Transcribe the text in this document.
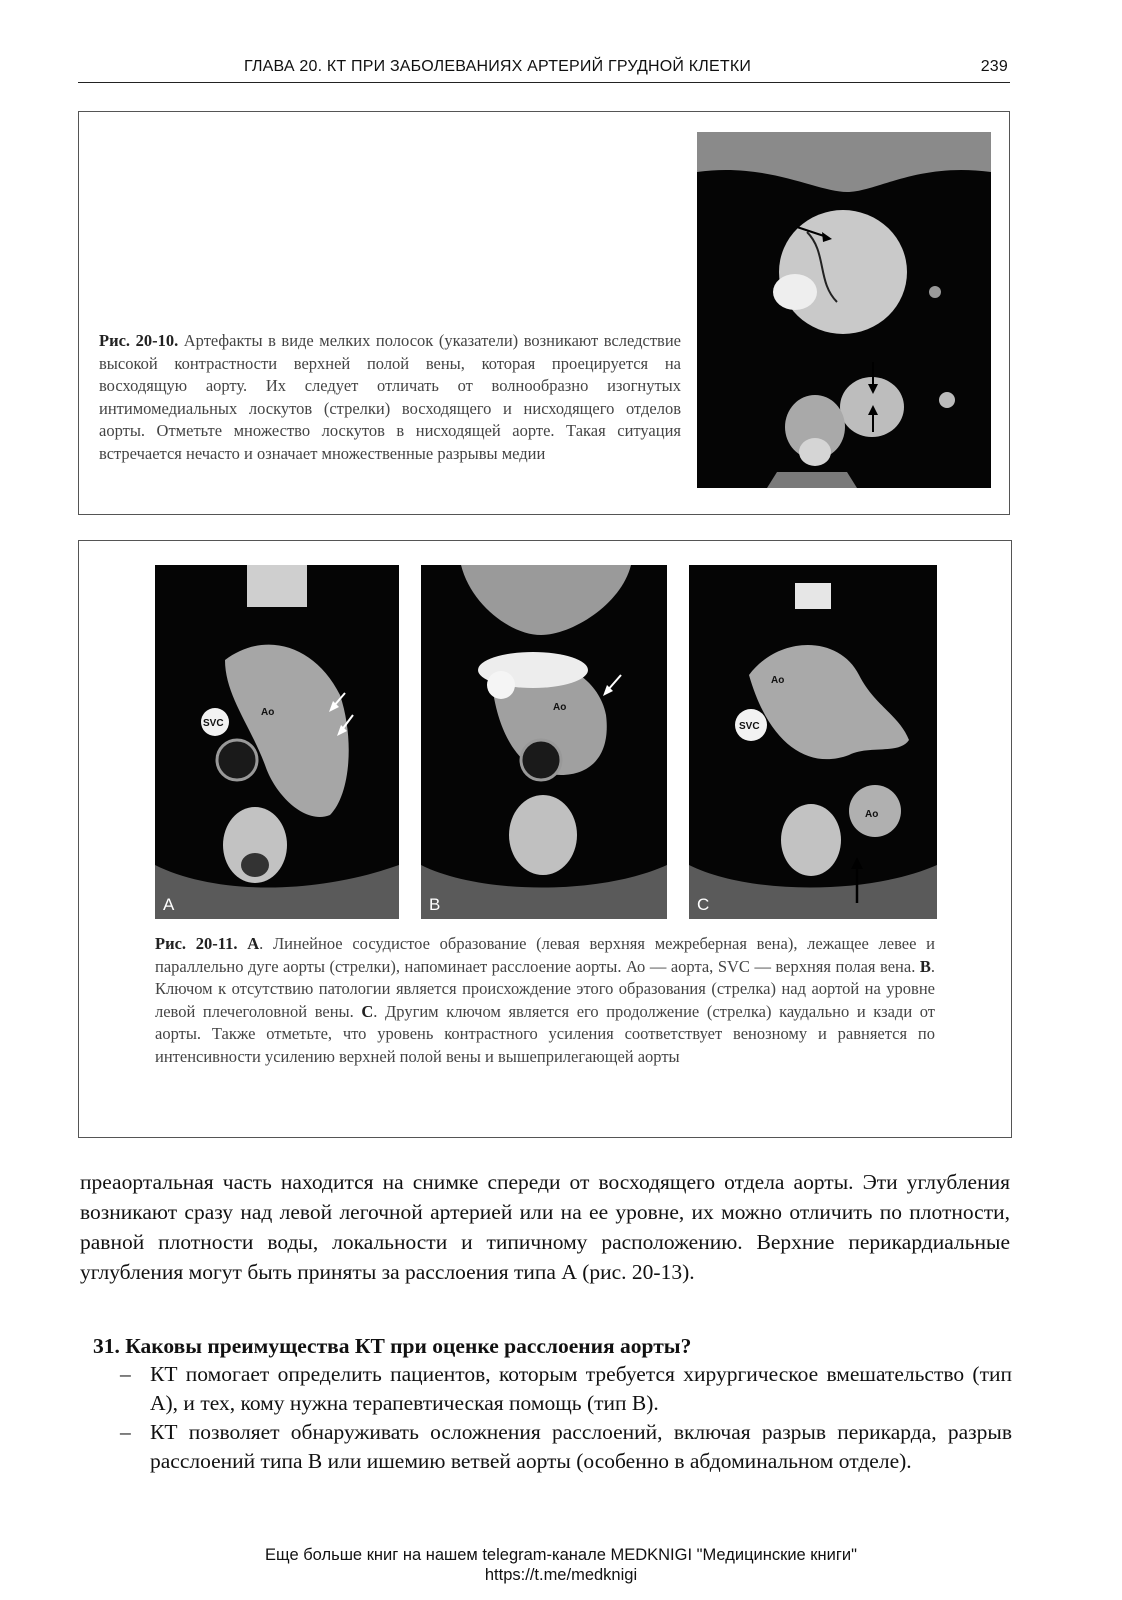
ГЛАВА 20. КТ ПРИ ЗАБОЛЕВАНИЯХ АРТЕРИЙ ГРУДНОЙ КЛЕТКИ	239
Рис. 20-10. Артефакты в виде мелких полосок (указатели) возникают вследствие высокой контрастности верхней полой вены, которая проецируется на восходящую аорту. Их следует отличать от волнообразно изогнутых интимомедиальных лоскутов (стрелки) восходящего и нисходящего отделов аорты. Отметьте множество лоскутов в нисходящей аорте. Такая ситуация встречается нечасто и означает множественные разрывы медии
SVC
Ao
A
Ao
B
Ao
SVC
Ao
C
Рис. 20-11. А. Линейное сосудистое образование (левая верхняя межреберная вена), лежащее левее и параллельно дуге аорты (стрелки), напоминает расслоение аорты. Ао — аорта, SVC — верхняя полая вена. B. Ключом к отсутствию патологии является происхождение этого образования (стрелка) над аортой на уровне левой плечеголовной вены. C. Другим ключом является его продолжение (стрелка) каудально и кзади от аорты. Также отметьте, что уровень контрастного усиления соответствует венозному и равняется по интенсивности усилению верхней полой вены и вышеприлегающей аорты
преаортальная часть находится на снимке спереди от восходящего отдела аорты. Эти углубления возникают сразу над левой легочной артерией или на ее уровне, их можно отличить по плотности, равной плотности воды, локальности и типичному расположению. Верхние перикардиальные углубления могут быть приняты за расслоения типа А (рис. 20-13).
31. Каковы преимущества КТ при оценке расслоения аорты?
– КТ помогает определить пациентов, которым требуется хирургическое вмешательство (тип А), и тех, кому нужна терапевтическая помощь (тип В).
– КТ позволяет обнаруживать осложнения расслоений, включая разрыв перикарда, разрыв расслоений типа В или ишемию ветвей аорты (особенно в абдоминальном отделе).
Еще больше книг на нашем telegram-канале MEDKNIGI "Медицинские книги"
https://t.me/medknigi
